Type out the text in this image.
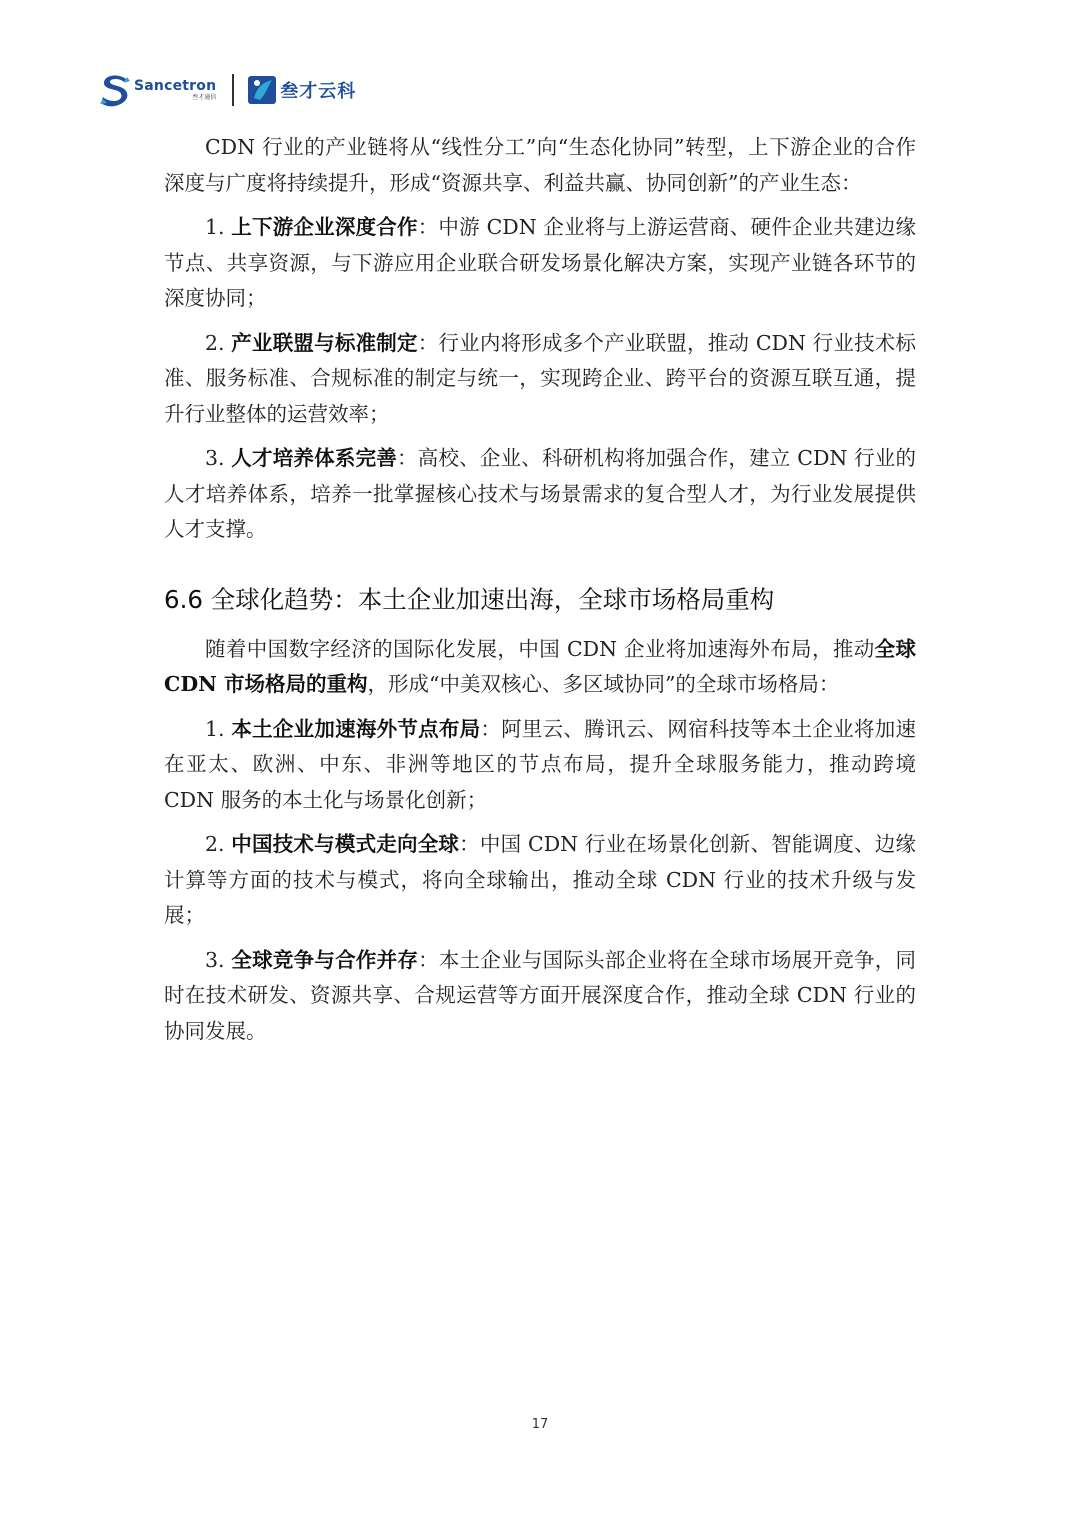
Sancetron
叁才通信	叁才云科

CDN 行业的产业链将从“线性分工”向“生态化协同”转型，上下游企业的合作深度与广度将持续提升，形成“资源共享、利益共赢、协同创新”的产业生态：

1. 上下游企业深度合作：中游 CDN 企业将与上游运营商、硬件企业共建边缘节点、共享资源，与下游应用企业联合研发场景化解决方案，实现产业链各环节的深度协同；

2. 产业联盟与标准制定：行业内将形成多个产业联盟，推动 CDN 行业技术标准、服务标准、合规标准的制定与统一，实现跨企业、跨平台的资源互联互通，提升行业整体的运营效率；

3. 人才培养体系完善：高校、企业、科研机构将加强合作，建立 CDN 行业的人才培养体系，培养一批掌握核心技术与场景需求的复合型人才，为行业发展提供人才支撑。

6.6 全球化趋势：本土企业加速出海，全球市场格局重构

随着中国数字经济的国际化发展，中国 CDN 企业将加速海外布局，推动全球 CDN 市场格局的重构，形成“中美双核心、多区域协同”的全球市场格局：

1. 本土企业加速海外节点布局：阿里云、腾讯云、网宿科技等本土企业将加速在亚太、欧洲、中东、非洲等地区的节点布局，提升全球服务能力，推动跨境 CDN 服务的本土化与场景化创新；

2. 中国技术与模式走向全球：中国 CDN 行业在场景化创新、智能调度、边缘计算等方面的技术与模式，将向全球输出，推动全球 CDN 行业的技术升级与发展；

3. 全球竞争与合作并存：本土企业与国际头部企业将在全球市场展开竞争，同时在技术研发、资源共享、合规运营等方面开展深度合作，推动全球 CDN 行业的协同发展。

17
